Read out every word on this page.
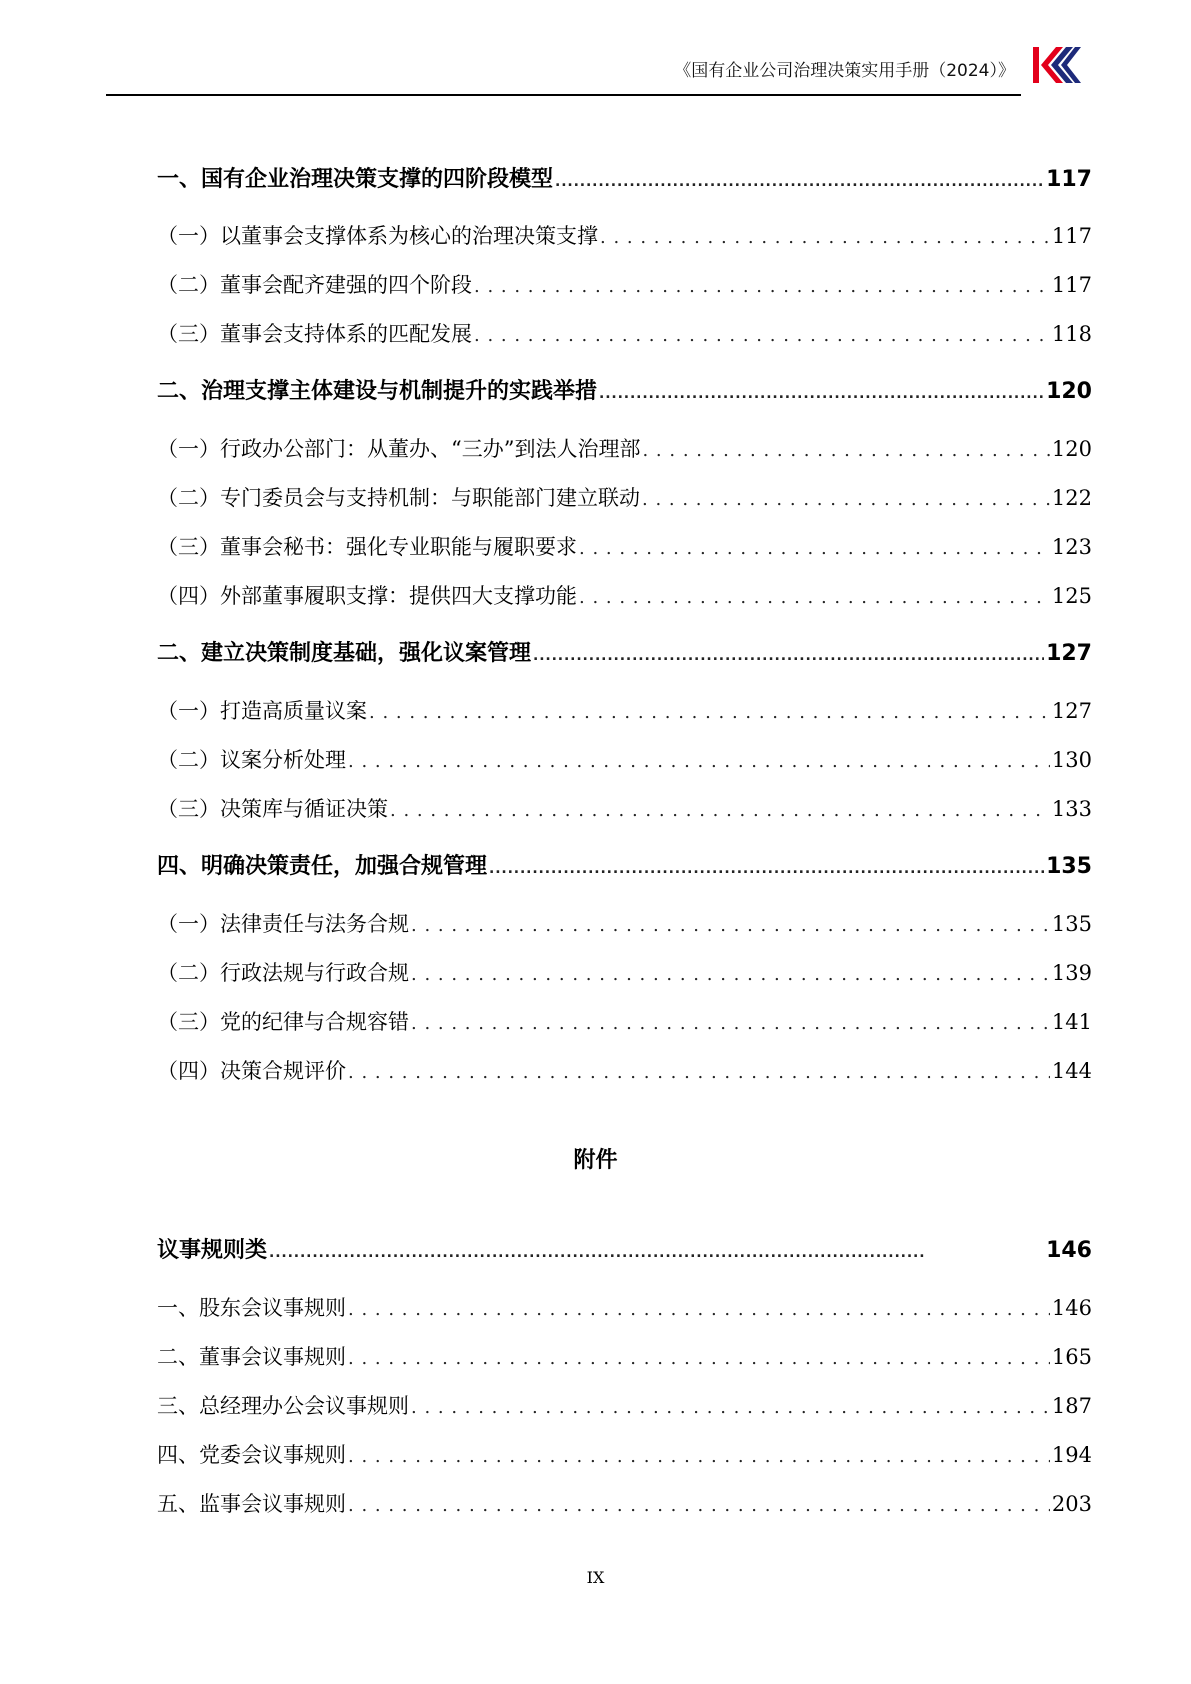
《国有企业公司治理决策实用手册（2024）》
一、国有企业治理决策支撑的四阶段模型 . . .	117
（一）以董事会支撑体系为核心的治理决策支撑 . . .	117
（二）董事会配齐建强的四个阶段 . . .	117
（三）董事会支持体系的匹配发展 . . .	118
二、治理支撑主体建设与机制提升的实践举措 . . .	120
（一）行政办公部门：从董办、“三办”到法人治理部 . . .	120
（二）专门委员会与支持机制：与职能部门建立联动 . . .	122
（三）董事会秘书：强化专业职能与履职要求 . . .	123
（四）外部董事履职支撑：提供四大支撑功能 . . .	125
二、建立决策制度基础，强化议案管理 . . .	127
（一）打造高质量议案 . . .	127
（二）议案分析处理 . . .	130
（三）决策库与循证决策 . . .	133
四、明确决策责任，加强合规管理 . . .	135
（一）法律责任与法务合规 . . .	135
（二）行政法规与行政合规 . . .	139
（三）党的纪律与合规容错 . . .	141
（四）决策合规评价 . . .	144
议事规则类 . . .	146
一、股东会议事规则 . . .	146
二、董事会议事规则 . . .	165
三、总经理办公会议事规则 . . .	187
四、党委会议事规则 . . .	194
五、监事会议事规则 . . .	203
附件
IX
